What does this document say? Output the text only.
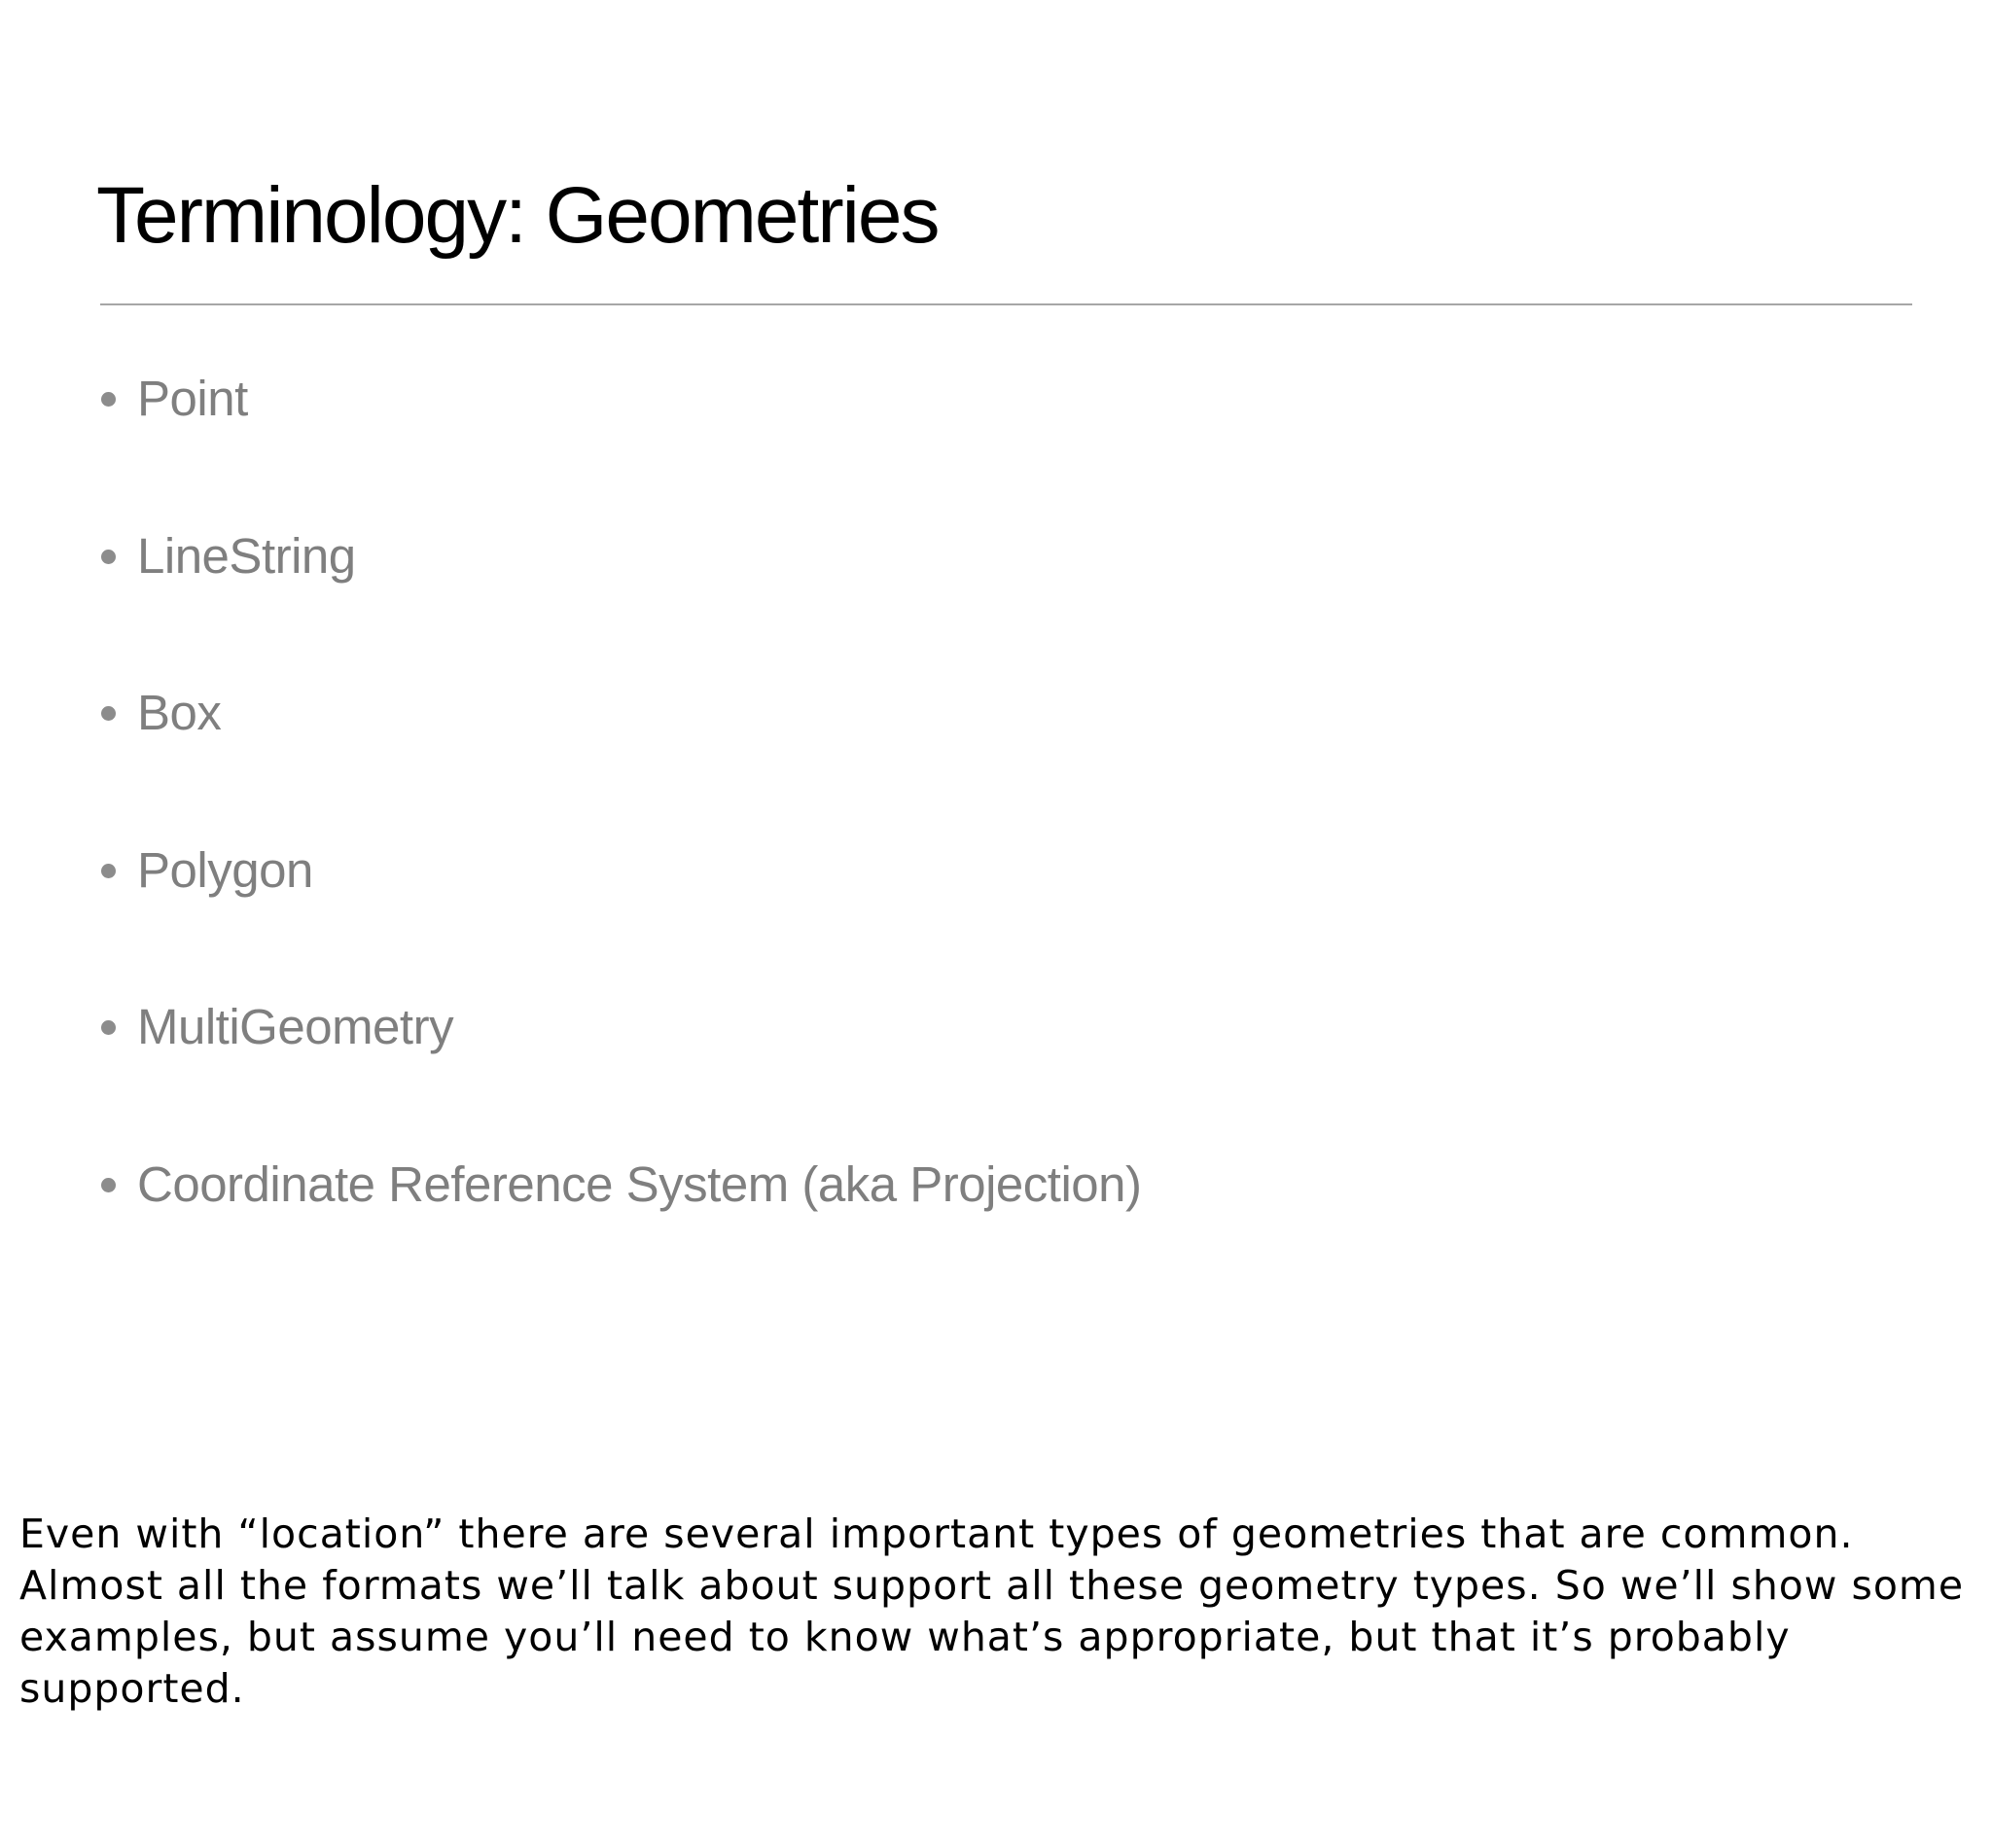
Terminology: Geometries
Point
LineString
Box
Polygon
MultiGeometry
Coordinate Reference System (aka Projection)

Even with “location” there are several important types of geometries that are common. Almost all the formats we’ll talk about support all these geometry types. So we’ll show some examples, but assume you’ll need to know what’s appropriate, but that it’s probably supported.
